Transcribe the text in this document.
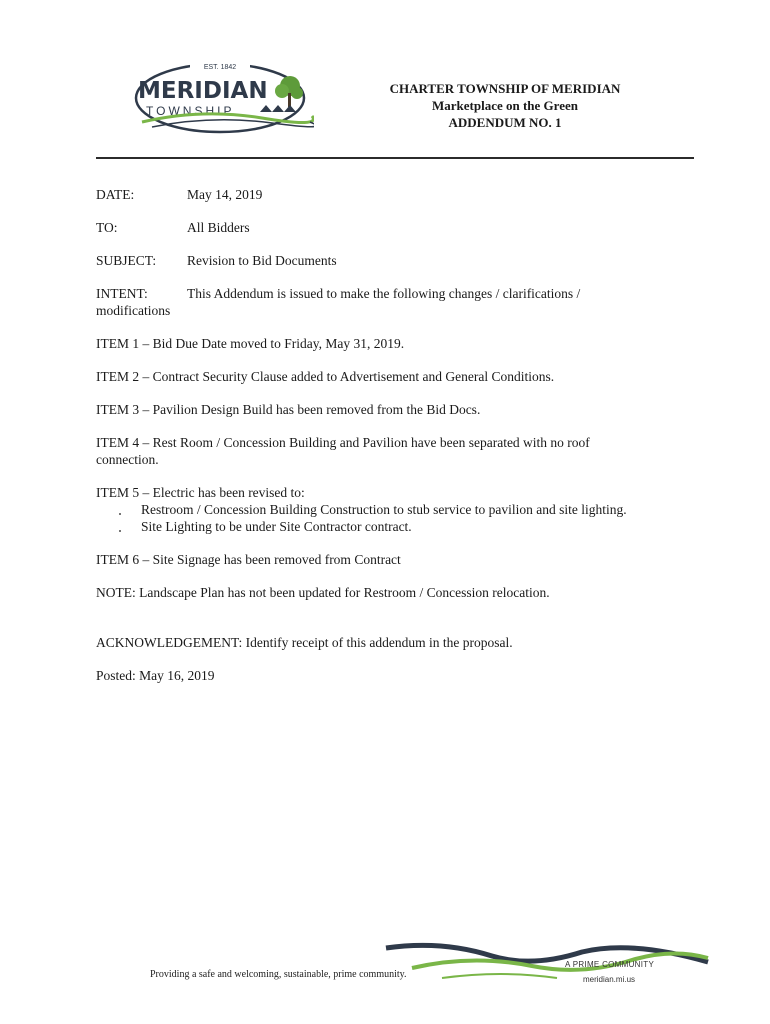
EST. 1842
MERIDIAN
TOWNSHIP
CHARTER TOWNSHIP OF MERIDIAN
Marketplace on the Green
ADDENDUM NO. 1
DATE:	May 14, 2019
TO:	All Bidders
SUBJECT:	Revision to Bid Documents
INTENT:	This Addendum is issued to make the following changes / clarifications /
modifications
ITEM 1 – Bid Due Date moved to Friday, May 31, 2019.
ITEM 2 – Contract Security Clause added to Advertisement and General Conditions.
ITEM 3 – Pavilion Design Build has been removed from the Bid Docs.
ITEM 4 – Rest Room / Concession Building and Pavilion have been separated with no roof
connection.
ITEM 5 – Electric has been revised to:
Restroom / Concession Building Construction to stub service to pavilion and site lighting.
Site Lighting to be under Site Contractor contract.
ITEM 6 – Site Signage has been removed from Contract
NOTE: Landscape Plan has not been updated for Restroom / Concession relocation.
ACKNOWLEDGEMENT: Identify receipt of this addendum in the proposal.
Posted: May 16, 2019
A PRIME COMMUNITY
meridian.mi.us
Providing a safe and welcoming, sustainable, prime community.
